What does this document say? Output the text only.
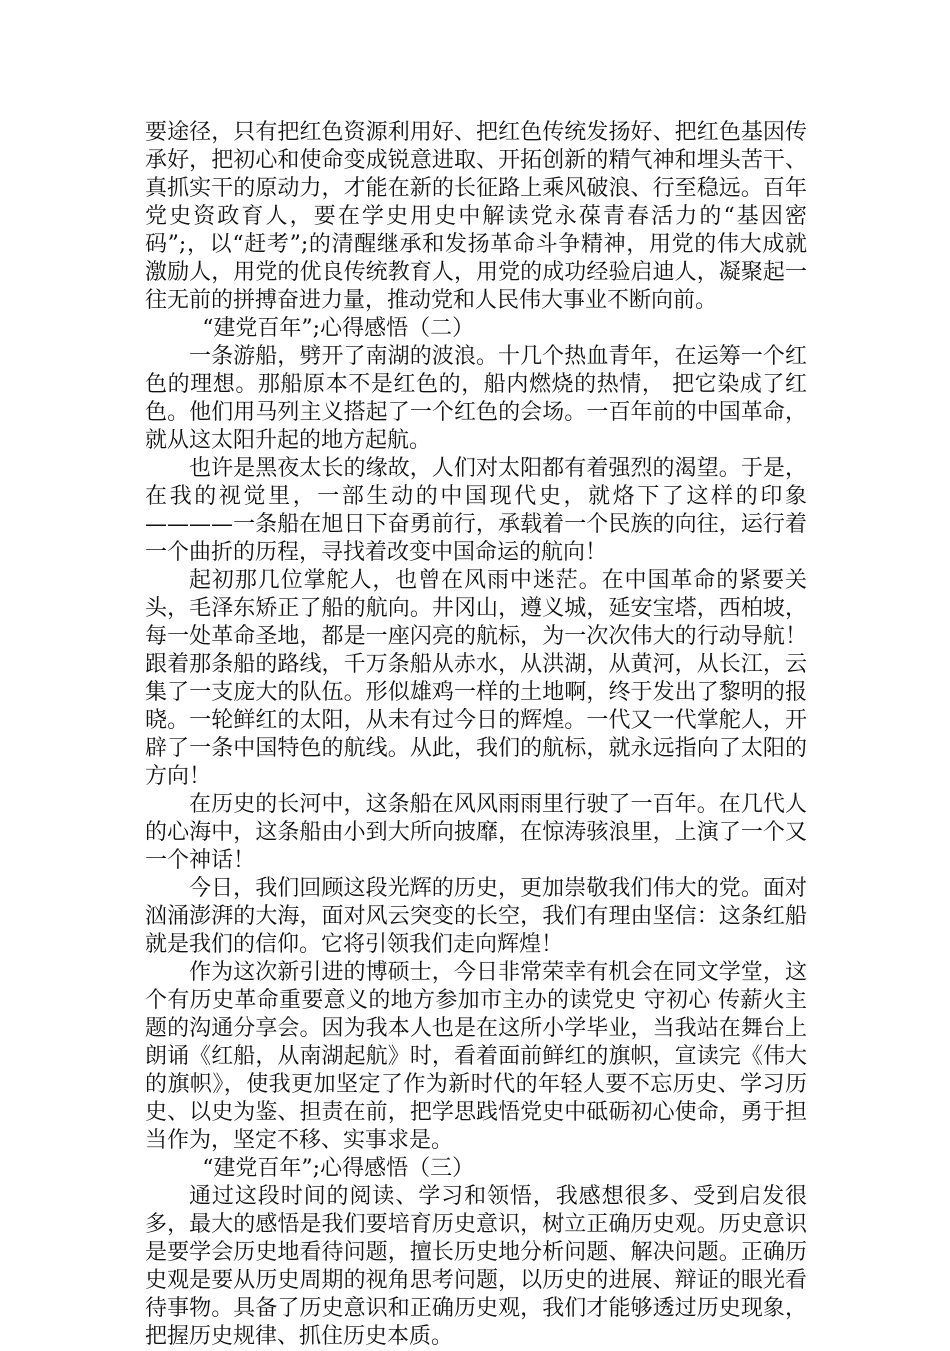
要途径，只有把红色资源利用好、把红色传统发扬好、把红色基因传承好，把初心和使命变成锐意进取、开拓创新的精气神和埋头苦干、真抓实干的原动力，才能在新的长征路上乘风破浪、行至稳远。百年党史资政育人，要在学史用史中解读党永葆青春活力的“基因密码”;，以“赶考”;的清醒继承和发扬革命斗争精神，用党的伟大成就激励人，用党的优良传统教育人，用党的成功经验启迪人，凝聚起一往无前的拼搏奋进力量，推动党和人民伟大事业不断向前。

“建党百年”;心得感悟（二）

一条游船，劈开了南湖的波浪。十几个热血青年，在运筹一个红色的理想。那船原本不是红色的，船内燃烧的热情， 把它染成了红色。他们用马列主义搭起了一个红色的会场。一百年前的中国革命，就从这太阳升起的地方起航。

也许是黑夜太长的缘故，人们对太阳都有着强烈的渴望。于是，在我的视觉里，一部生动的中国现代史，就烙下了这样的印象————一条船在旭日下奋勇前行，承载着一个民族的向往，运行着一个曲折的历程，寻找着改变中国命运的航向！

起初那几位掌舵人，也曾在风雨中迷茫。在中国革命的紧要关头，毛泽东矫正了船的航向。井冈山，遵义城，延安宝塔，西柏坡，每一处革命圣地，都是一座闪亮的航标，为一次次伟大的行动导航！跟着那条船的路线，千万条船从赤水，从洪湖，从黄河，从长江，云集了一支庞大的队伍。形似雄鸡一样的土地啊，终于发出了黎明的报晓。一轮鲜红的太阳，从未有过今日的辉煌。一代又一代掌舵人，开辟了一条中国特色的航线。从此，我们的航标，就永远指向了太阳的方向！

在历史的长河中，这条船在风风雨雨里行驶了一百年。在几代人的心海中，这条船由小到大所向披靡，在惊涛骇浪里，上演了一个又一个神话！

今日，我们回顾这段光辉的历史，更加崇敬我们伟大的党。面对汹涌澎湃的大海，面对风云突变的长空，我们有理由坚信：这条红船就是我们的信仰。它将引领我们走向辉煌！

作为这次新引进的博硕士，今日非常荣幸有机会在同文学堂，这个有历史革命重要意义的地方参加市主办的读党史 守初心 传薪火主题的沟通分享会。因为我本人也是在这所小学毕业，当我站在舞台上朗诵《红船，从南湖起航》时，看着面前鲜红的旗帜，宣读完《伟大的旗帜》，使我更加坚定了作为新时代的年轻人要不忘历史、学习历史、以史为鉴、担责在前，把学思践悟党史中砥砺初心使命，勇于担当作为，坚定不移、实事求是。

“建党百年”;心得感悟（三）

通过这段时间的阅读、学习和领悟，我感想很多、受到启发很多，最大的感悟是我们要培育历史意识，树立正确历史观。历史意识是要学会历史地看待问题，擅长历史地分析问题、解决问题。正确历史观是要从历史周期的视角思考问题，以历史的进展、辩证的眼光看待事物。具备了历史意识和正确历史观，我们才能够透过历史现象，把握历史规律、抓住历史本质。
